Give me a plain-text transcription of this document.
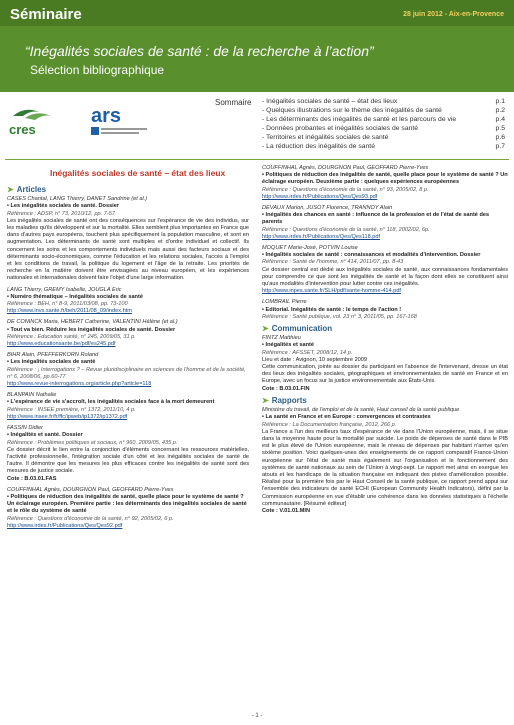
Séminaire	28 juin 2012 - Aix-en-Provence
“Inégalités sociales de santé : de la recherche à l’action”
Sélection bibliographique
cres
ars
Sommaire - Inégalités sociales de santé – état des lieux	p.1
- Quelques illustrations sur le thème des inégalités de santé	p.2
- Les déterminants des inégalités de santé et les parcours de vie	p.4
- Données probantes et inégalités sociales de santé	p.5
- Territoires et inégalités sociales de santé	p.6
- La réduction des inégalités de santé	p.7
Inégalités sociales de santé – état des lieux
➤ Articles
CASES Chantal, LANG Thierry, DANET Sandrine (et al.)
• Les inégalités sociales de santé. Dossier
Référence : ADSP, n° 73, 2010/12, pp. 7-57
Les inégalités sociales de santé ont des conséquences sur l'espérance de vie des individus, sur les maladies qu'ils développent et sur la mortalité. Elles semblent plus importantes en France que dans d'autres pays européens, touchent plus spécifiquement la population masculine, et sont en augmentation. Les déterminants de santé sont multiples et d'ordre individuel et collectif. Ils concernent les soins et les comportements individuels mais aussi des facteurs sociaux et des déterminants socio-économiques, comme l'éducation et les relations sociales, l'accès à l'emploi et les conditions de travail, la politique du logement et l'âge de la retraite. Les priorités de recherche en la matière doivent être envisagées au niveau européen, et les expériences nationales et internationales doivent faire l'objet d'une large information.
LANG Thierry, GREMY Isabelle, JOUGLA Eric
• Numéro thématique – Inégalités sociales de santé
Référence : BEH, n° 8-9, 2011/03/08, pp. 73-100
http://www.invs.sante.fr/beh/2011/08_09/index.htm
DE CONINCK Maria, HEBERT Catherine, VALENTINI Hélène (et al.)
• Tout va bien. Réduire les inégalités sociales de santé. Dossier
Référence : Education santé, n° 245, 2009/05, 31 p.
http://www.educationsante.be/pdf/es245.pdf
BIHR Alain, PFEFFERKORN Roland
• Les inégalités sociales de santé
Référence : ¡ Interrogations ? – Revue pluridisciplinaire en sciences de l'homme et de la société, n° 6, 2008/06, pp.60-77
http://www.revue-interrogations.org/article.php?article=118
BLANPAIN Nathalie
• L'espérance de vie s'accroît, les inégalités sociales face à la mort demeurent
Référence : INSEE première, n° 1372, 2011/10, 4 p.
http://www.insee.fr/fr/ffc/ipweb/ip1372/ip1372.pdf
FASSIN Didier
• Inégalités et santé. Dossier
Référence : Problèmes politiques et sociaux, n° 960, 2009/05, 435 p.
Ce dossier décrit le lien entre la conjonction d'éléments concernant les ressources matérielles, l'activité professionnelle, l'intégration sociale d'un côté et les inégalités sociales de santé de l'autre. Il démontre que les mesures les plus efficaces contre les inégalités de santé sont des mesures de justice sociale.
Cote : B.03.01.FAS
COUFFINHAL Agnès, DOURGNON Paul, GEOFFARD Pierre-Yves
• Politiques de réduction des inégalités de santé, quelle place pour le système de santé ? Un éclairage européen. Première partie : les déterminants des inégalités sociales de santé et le rôle du système de santé
Référence : Questions d'économie de la santé, n° 92, 2005/02, 6 p.
http://www.irdes.fr/Publications/Qes/Qes92.pdf
COUFFINHAL Agnès, DOURGNON Paul, GEOFFARD Pierre-Yves
• Politiques de réduction des inégalités de santé, quelle place pour le système de santé ? Un éclairage européen. Deuxième partie : quelques expériences européennes
Référence : Questions d'économie de la santé, n° 93, 2005/02, 8 p.
http://www.irdes.fr/Publications/Qes/Qes93.pdf
DEVAUX Marion, JUSOT Florence, TRANNOY Alain
• Inégalités des chances en santé : influence de la profession et de l'état de santé des parents
Référence : Questions d'économie de la santé, n° 118, 2002/02, 6p.
http://www.irdes.fr/Publications/Qes/Qes118.pdf
MOQUET Marie-José, POTVIN Louise
• Inégalités sociales de santé : connaissances et modalités d'intervention. Dossier
Référence : Santé de l'homme, n° 414, 2011/07, pp. 8-43
Ce dossier central est dédié aux inégalités sociales de santé, aux connaissances fondamentales pour comprendre ce que sont les inégalités de santé et la façon dont elles se constituent ainsi qu'aux modalités d'intervention pour lutter contre ces inégalités.
http://www.inpes.sante.fr/SLH/pdf/sante-homme-414.pdf
LOMBRAIL Pierre
• Editorial. Inégalités de santé : le temps de l'action !
Référence : Santé publique, vol. 23 n° 3, 2011/05, pp. 167-168
➤ Communication
FINTZ Matthieu
• Inégalités et santé
Référence : AFSSET, 2008/12, 14 p.
Lieu et date : Avignon, 10 septembre 2009
Cette communication, jointe au dossier du participant en l'absence de l'intervenant, dresse un état des lieux des inégalités sociales, géographiques et environnementales de santé en France et en Europe, avec un focus sur la justice environnementale aux États-Unis.
Cote : B.03.01.FIN
➤ Rapports
Ministère du travail, de l'emploi et de la santé, Haut conseil de la santé publique
• La santé en France et en Europe : convergences et contrastes
Référence : La Documentation française, 2012, 266 p.
La France a l'un des meilleurs taux d'espérance de vie dans l'Union européenne, mais, il se situe dans la moyenne haute pour la mortalité par suicide. Le poids de dépenses de santé dans le PIB est le plus élevé de l'Union européenne, mais le niveau de dépenses par habitant n'arrive qu'en sixième position. Voici quelques-unes des enseignements de ce rapport comparatif France-Union européenne sur l'état de santé mais également sur l'organisation et le fonctionnement des systèmes de santé nationaux au sein de l'Union à vingt-sept. Le rapport met ainsi en exergue les atouts et les handicaps de la situation française en indiquant des pistes d'amélioration possible. Réalisé pour la première fois par le Haut Conseil de la santé publique, ce rapport prend appui sur l'ensemble des indicateurs de santé ECHI (European Community Health Indicators), défini par la Commission européenne en vue d'établir une cohérence dans les données statistiques à l'échelle communautaire. [Résumé éditeur]
Cote : V.01.01.MIN
- 1 -
